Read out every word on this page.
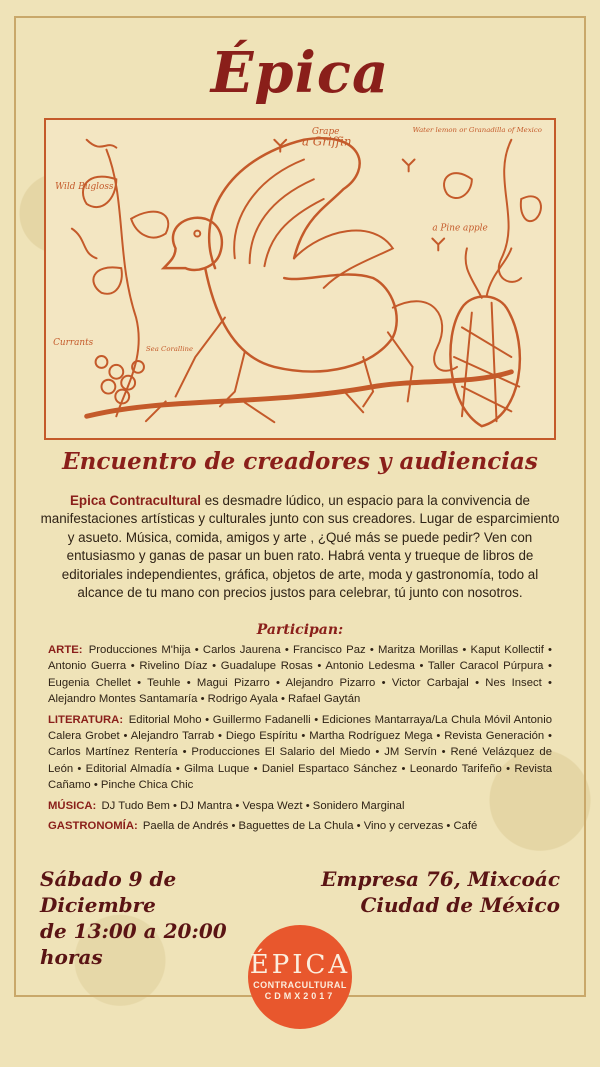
Épica
Grape
a Griffin
Water lemon or Granadilla of Mexico
Wild Bugloss
a Pine apple
Currants
Sea Coralline
Encuentro de creadores y audiencias

Epica Contracultural es desmadre lúdico, un espacio para la convivencia de manifestaciones artísticas y culturales junto con sus creadores. Lugar de esparcimiento y asueto. Música, comida, amigos y arte , ¿Qué más se puede pedir? Ven con entusiasmo y ganas de pasar un buen rato. Habrá venta y trueque de libros de editoriales independientes, gráfica, objetos de arte, moda y gastronomía, todo al alcance de tu mano con precios justos para celebrar, tú junto con nosotros.

Participan:

ARTE: Producciones M'hija • Carlos Jaurena • Francisco Paz • Maritza Morillas • Kaput Kollectif • Antonio Guerra • Rivelino Díaz • Guadalupe Rosas • Antonio Ledesma • Taller Caracol Púrpura • Eugenia Chellet • Teuhle • Magui Pizarro • Alejandro Pizarro • Victor Carbajal • Nes Insect • Alejandro Montes Santamaría • Rodrigo Ayala • Rafael Gaytán

LITERATURA: Editorial Moho • Guillermo Fadanelli • Ediciones Mantarraya/La Chula Móvil Antonio Calera Grobet • Alejandro Tarrab • Diego Espíritu • Martha Rodríguez Mega • Revista Generación • Carlos Martínez Rentería • Producciones El Salario del Miedo • JM Servín • René Velázquez de León • Editorial Almadía • Gilma Luque • Daniel Espartaco Sánchez • Leonardo Tarifeño • Revista Cañamo • Pinche Chica Chic

MÚSICA: DJ Tudo Bem • DJ Mantra • Vespa Wezt • Sonidero Marginal

GASTRONOMÍA: Paella de Andrés • Baguettes de La Chula • Vino y cervezas • Café

Sábado 9 de Diciembre
de 13:00 a 20:00 horas
Empresa 76, Mixcoác
Ciudad de México
ÉPICA
CONTRACULTURAL
CDMX2017
